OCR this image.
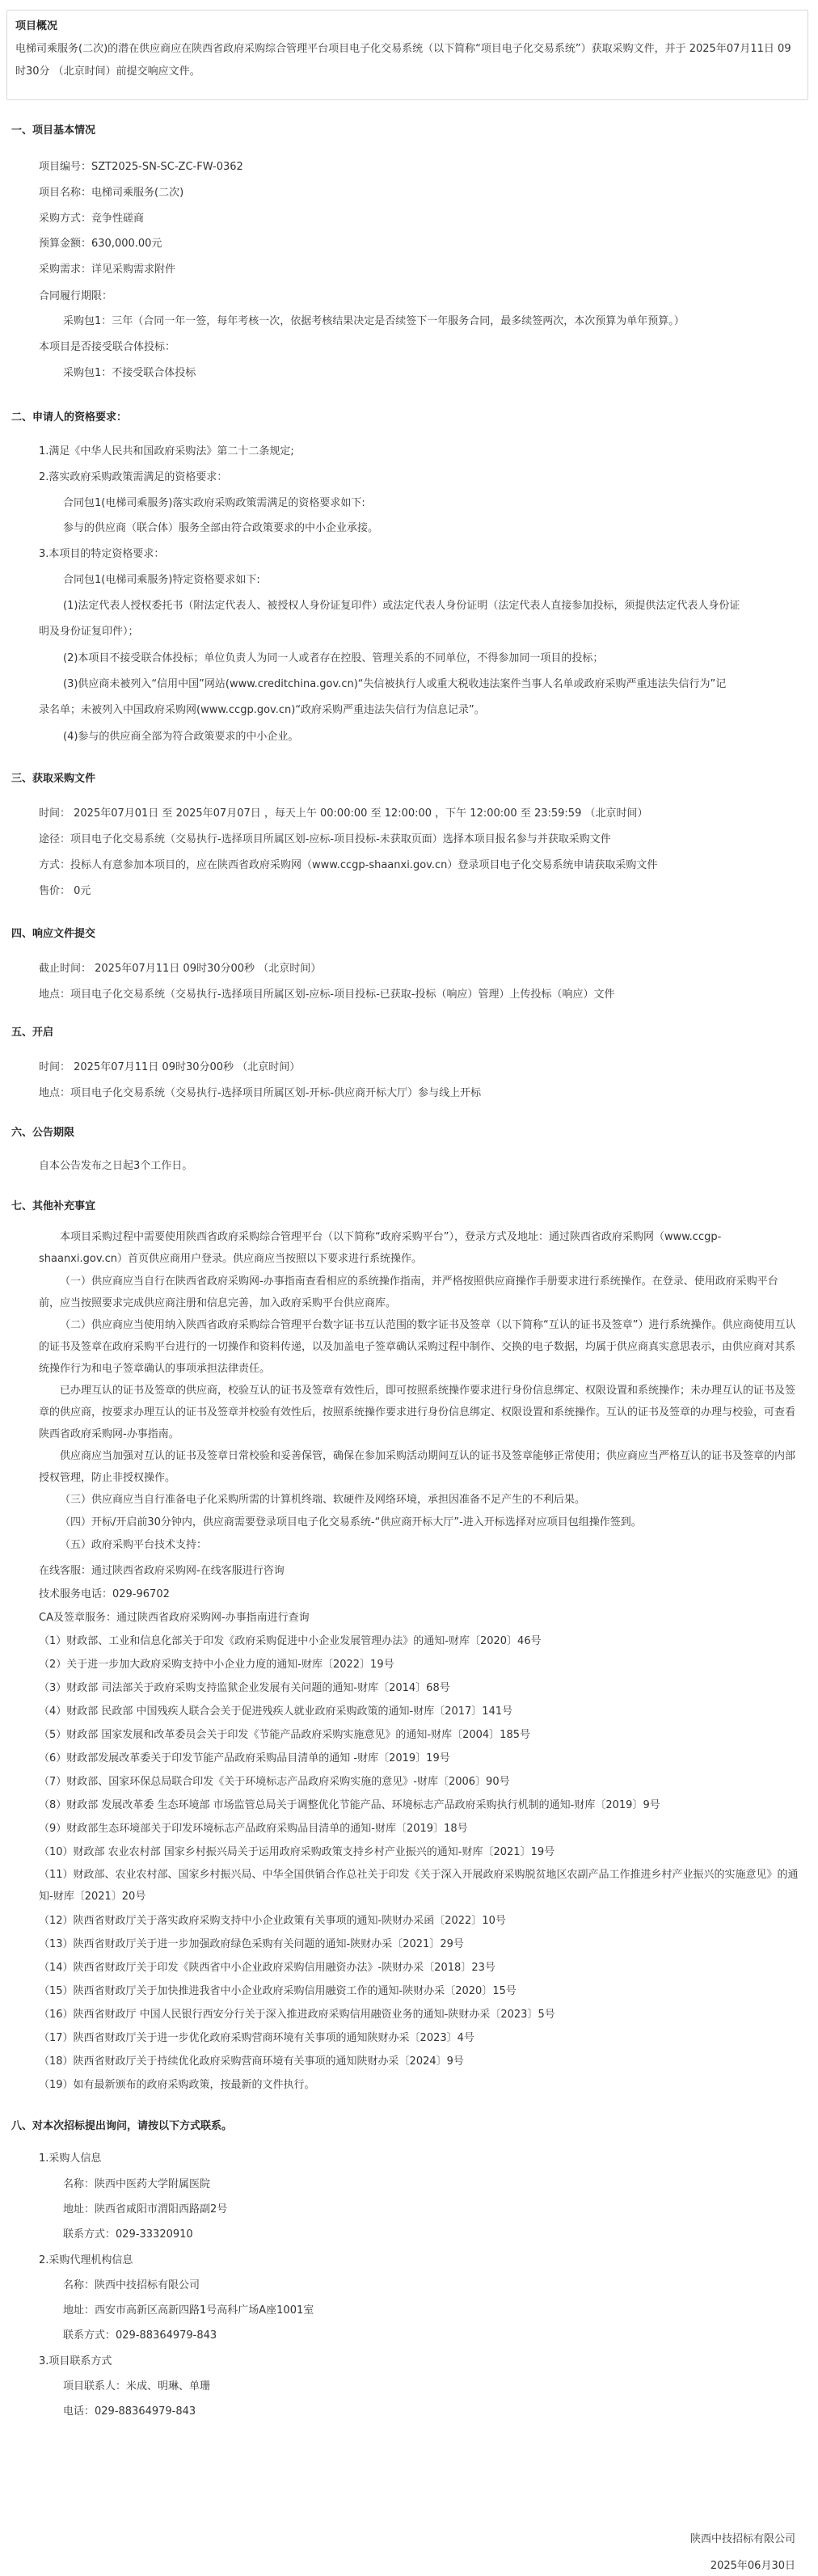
项目概况
电梯司乘服务(二次)的潜在供应商应在陕西省政府采购综合管理平台项目电子化交易系统（以下简称“项目电子化交易系统”）获取采购文件，并于 2025年07月11日 09时30分 （北京时间）前提交响应文件。
一、项目基本情况
项目编号：SZT2025-SN-SC-ZC-FW-0362
项目名称：电梯司乘服务(二次)
采购方式：竞争性磋商
预算金额：630,000.00元
采购需求：详见采购需求附件
合同履行期限：
采购包1：三年（合同一年一签，每年考核一次，依据考核结果决定是否续签下一年服务合同，最多续签两次，本次预算为单年预算。）
本项目是否接受联合体投标：
采购包1：不接受联合体投标
二、申请人的资格要求：
1.满足《中华人民共和国政府采购法》第二十二条规定;
2.落实政府采购政策需满足的资格要求：
合同包1(电梯司乘服务)落实政府采购政策需满足的资格要求如下:
参与的供应商（联合体）服务全部由符合政策要求的中小企业承接。
3.本项目的特定资格要求：
合同包1(电梯司乘服务)特定资格要求如下:
(1)法定代表人授权委托书（附法定代表人、被授权人身份证复印件）或法定代表人身份证明（法定代表人直接参加投标，须提供法定代表人身份证
明及身份证复印件）；
(2)本项目不接受联合体投标；单位负责人为同一人或者存在控股、管理关系的不同单位，不得参加同一项目的投标；
(3)供应商未被列入“信用中国”网站(www.creditchina.gov.cn)“失信被执行人或重大税收违法案件当事人名单或政府采购严重违法失信行为”记
录名单；未被列入中国政府采购网(www.ccgp.gov.cn)“政府采购严重违法失信行为信息记录”。
(4)参与的供应商全部为符合政策要求的中小企业。
三、获取采购文件
时间： 2025年07月01日 至 2025年07月07日 ，每天上午 00:00:00 至 12:00:00 ，下午 12:00:00 至 23:59:59 （北京时间）
途径：项目电子化交易系统（交易执行-选择项目所属区划-应标-项目投标-未获取页面）选择本项目报名参与并获取采购文件
方式：投标人有意参加本项目的，应在陕西省政府采购网（www.ccgp-shaanxi.gov.cn）登录项目电子化交易系统申请获取采购文件
售价： 0元
四、响应文件提交
截止时间： 2025年07月11日 09时30分00秒 （北京时间）
地点：项目电子化交易系统（交易执行-选择项目所属区划-应标-项目投标-已获取-投标（响应）管理）上传投标（响应）文件
五、开启
时间： 2025年07月11日 09时30分00秒 （北京时间）
地点：项目电子化交易系统（交易执行-选择项目所属区划-开标-供应商开标大厅）参与线上开标
六、公告期限
自本公告发布之日起3个工作日。
七、其他补充事宜
本项目采购过程中需要使用陕西省政府采购综合管理平台（以下简称“政府采购平台”），登录方式及地址：通过陕西省政府采购网（www.ccgp-shaanxi.gov.cn）首页供应商用户登录。供应商应当按照以下要求进行系统操作。
（一）供应商应当自行在陕西省政府采购网-办事指南查看相应的系统操作指南，并严格按照供应商操作手册要求进行系统操作。在登录、使用政府采购平台前，应当按照要求完成供应商注册和信息完善，加入政府采购平台供应商库。
（二）供应商应当使用纳入陕西省政府采购综合管理平台数字证书互认范围的数字证书及签章（以下简称“互认的证书及签章”）进行系统操作。供应商使用互认的证书及签章在政府采购平台进行的一切操作和资料传递，以及加盖电子签章确认采购过程中制作、交换的电子数据，均属于供应商真实意思表示，由供应商对其系统操作行为和电子签章确认的事项承担法律责任。
已办理互认的证书及签章的供应商，校验互认的证书及签章有效性后，即可按照系统操作要求进行身份信息绑定、权限设置和系统操作；未办理互认的证书及签章的供应商，按要求办理互认的证书及签章并校验有效性后，按照系统操作要求进行身份信息绑定、权限设置和系统操作。互认的证书及签章的办理与校验，可查看陕西省政府采购网-办事指南。
供应商应当加强对互认的证书及签章日常校验和妥善保管，确保在参加采购活动期间互认的证书及签章能够正常使用；供应商应当严格互认的证书及签章的内部授权管理，防止非授权操作。
（三）供应商应当自行准备电子化采购所需的计算机终端、软硬件及网络环境，承担因准备不足产生的不利后果。
（四）开标/开启前30分钟内，供应商需要登录项目电子化交易系统-“供应商开标大厅”-进入开标选择对应项目包组操作签到。
（五）政府采购平台技术支持：
在线客服：通过陕西省政府采购网-在线客服进行咨询
技术服务电话：029-96702
CA及签章服务：通过陕西省政府采购网-办事指南进行查询
（1）财政部、工业和信息化部关于印发《政府采购促进中小企业发展管理办法》的通知-财库〔2020〕46号
（2）关于进一步加大政府采购支持中小企业力度的通知-财库〔2022〕19号
（3）财政部 司法部关于政府采购支持监狱企业发展有关问题的通知-财库〔2014〕68号
（4）财政部 民政部 中国残疾人联合会关于促进残疾人就业政府采购政策的通知-财库〔2017〕141号
（5）财政部 国家发展和改革委员会关于印发《节能产品政府采购实施意见》的通知-财库〔2004〕185号
（6）财政部发展改革委关于印发节能产品政府采购品目清单的通知 -财库〔2019〕19号
（7）财政部、国家环保总局联合印发《关于环境标志产品政府采购实施的意见》-财库〔2006〕90号
（8）财政部 发展改革委 生态环境部 市场监管总局关于调整优化节能产品、环境标志产品政府采购执行机制的通知-财库〔2019〕9号
（9）财政部生态环境部关于印发环境标志产品政府采购品目清单的通知-财库〔2019〕18号
（10）财政部 农业农村部 国家乡村振兴局关于运用政府采购政策支持乡村产业振兴的通知-财库〔2021〕19号
（11）财政部、农业农村部、国家乡村振兴局、中华全国供销合作总社关于印发《关于深入开展政府采购脱贫地区农副产品工作推进乡村产业振兴的实施意见》的通知-财库〔2021〕20号
（12）陕西省财政厅关于落实政府采购支持中小企业政策有关事项的通知-陕财办采函〔2022〕10号
（13）陕西省财政厅关于进一步加强政府绿色采购有关问题的通知-陕财办采〔2021〕29号
（14）陕西省财政厅关于印发《陕西省中小企业政府采购信用融资办法》-陕财办采〔2018〕23号
（15）陕西省财政厅关于加快推进我省中小企业政府采购信用融资工作的通知-陕财办采〔2020〕15号
（16）陕西省财政厅 中国人民银行西安分行关于深入推进政府采购信用融资业务的通知-陕财办采〔2023〕5号
（17）陕西省财政厅关于进一步优化政府采购营商环境有关事项的通知陕财办采〔2023〕4号
（18）陕西省财政厅关于持续优化政府采购营商环境有关事项的通知陕财办采〔2024〕9号
（19）如有最新颁布的政府采购政策，按最新的文件执行。
八、对本次招标提出询问，请按以下方式联系。
1.采购人信息
名称：陕西中医药大学附属医院
地址：陕西省咸阳市渭阳西路副2号
联系方式：029-33320910
2.采购代理机构信息
名称：陕西中技招标有限公司
地址：西安市高新区高新四路1号高科广场A座1001室
联系方式：029-88364979-843
3.项目联系方式
项目联系人：米成、明琳、单珊
电话：029-88364979-843
陕西中技招标有限公司
2025年06月30日
